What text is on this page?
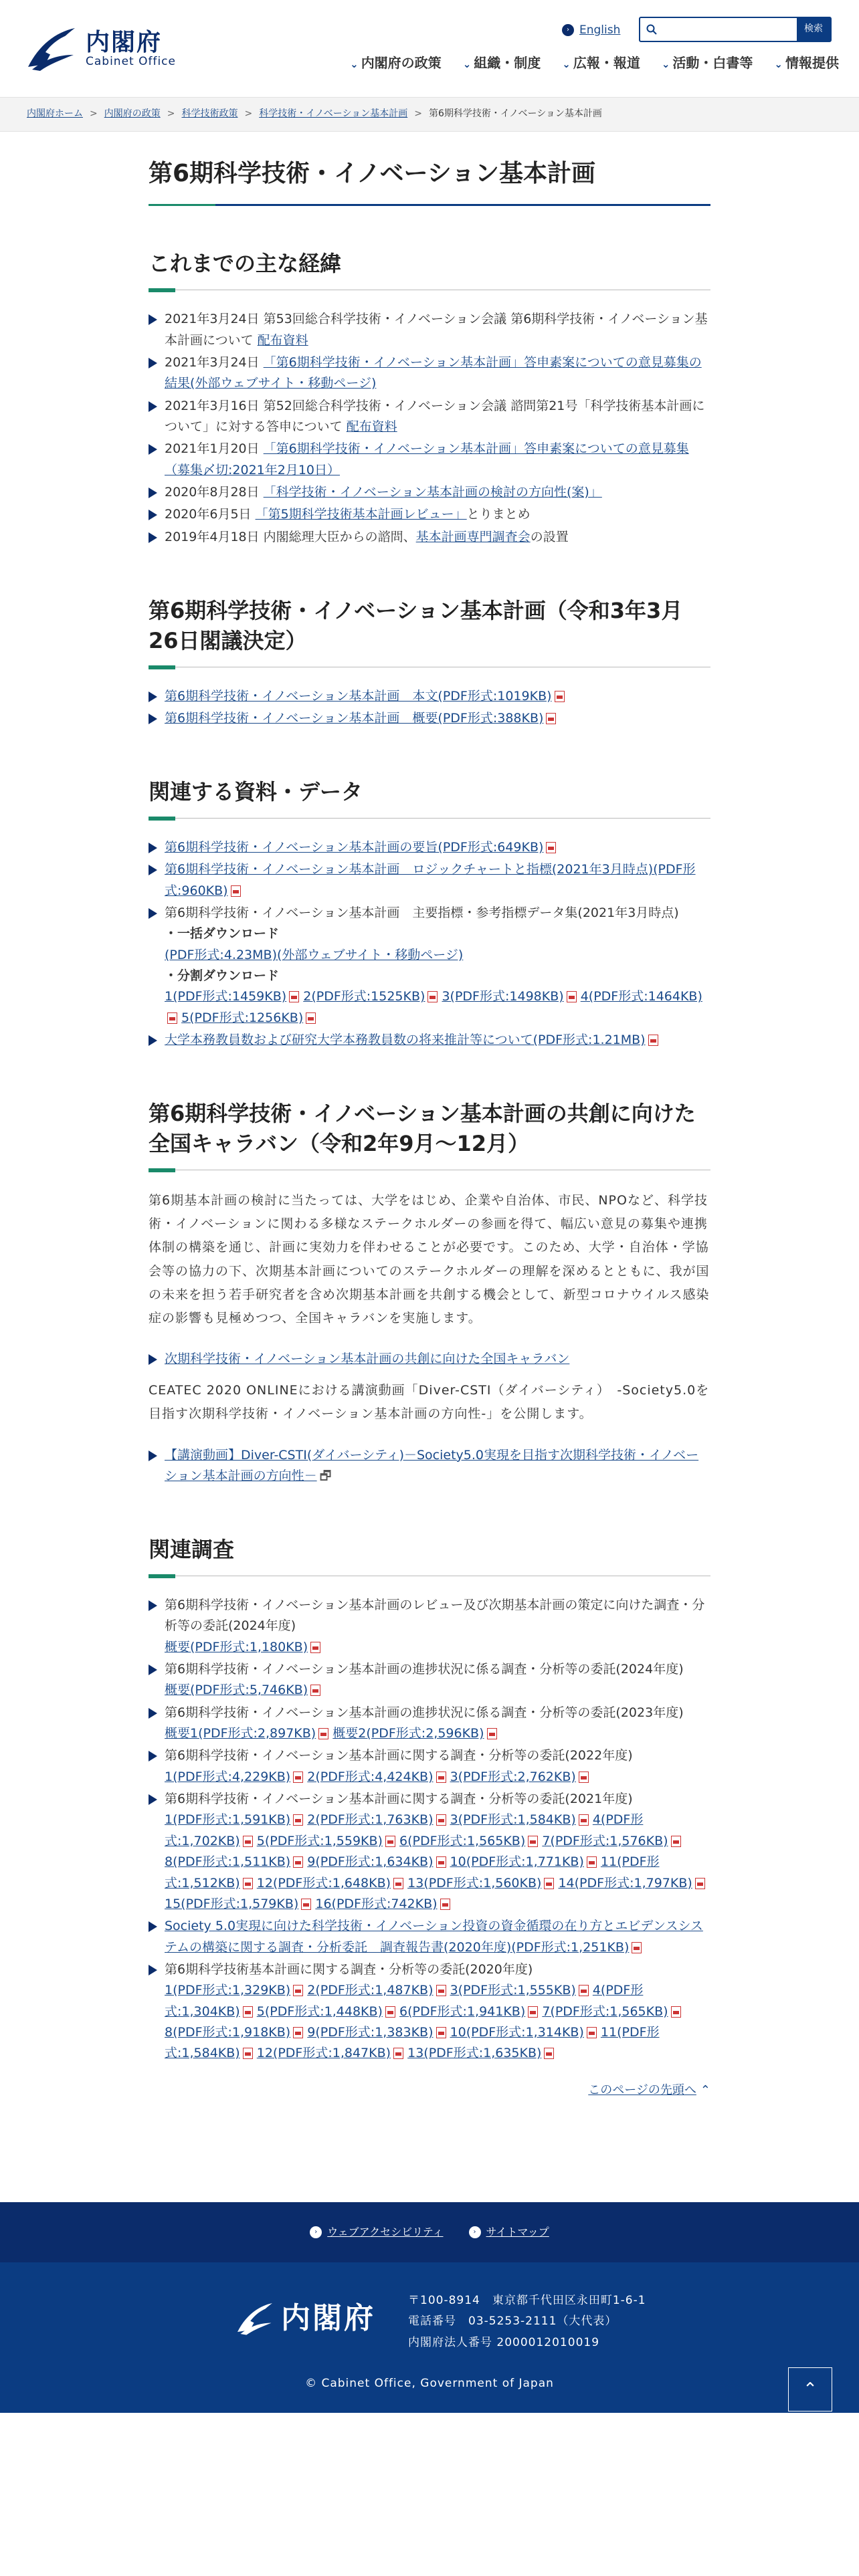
内閣府
Cabinet Office
› English	検索
⌄ 内閣府の政策 ⌄ 組織・制度 ⌄ 広報・報道 ⌄ 活動・白書等 ⌄ 情報提供
内閣府ホーム > 内閣府の政策 > 科学技術政策 > 科学技術・イノベーション基本計画 > 第6期科学技術・イノベーション基本計画
第6期科学技術・イノベーション基本計画
これまでの主な経緯
2021年3月24日 第53回総合科学技術・イノベーション会議 第6期科学技術・イノベーション基本計画について 配布資料
2021年3月24日 「第6期科学技術・イノベーション基本計画」答申素案についての意見募集の結果(外部ウェブサイト・移動ページ)
2021年3月16日 第52回総合科学技術・イノベーション会議 諮問第21号「科学技術基本計画について」に対する答申について 配布資料
2021年1月20日 「第6期科学技術・イノベーション基本計画」答申素案についての意見募集（募集〆切:2021年2月10日）
2020年8月28日 「科学技術・イノベーション基本計画の検討の方向性(案)」
2020年6月5日 「第5期科学技術基本計画レビュー」とりまとめ
2019年4月18日 内閣総理大臣からの諮問、基本計画専門調査会の設置
第6期科学技術・イノベーション基本計画（令和3年3月26日閣議決定）
第6期科学技術・イノベーション基本計画　本文(PDF形式:1019KB)
第6期科学技術・イノベーション基本計画　概要(PDF形式:388KB)
関連する資料・データ
第6期科学技術・イノベーション基本計画の要旨(PDF形式:649KB)
第6期科学技術・イノベーション基本計画　ロジックチャートと指標(2021年3月時点)(PDF形式:960KB)
第6期科学技術・イノベーション基本計画　主要指標・参考指標データ集(2021年3月時点)
・一括ダウンロード
(PDF形式:4.23MB)(外部ウェブサイト・移動ページ)
・分割ダウンロード
1(PDF形式:1459KB) 2(PDF形式:1525KB) 3(PDF形式:1498KB) 4(PDF形式:1464KB) 5(PDF形式:1256KB)
大学本務教員数および研究大学本務教員数の将来推計等について(PDF形式:1.21MB)
第6期科学技術・イノベーション基本計画の共創に向けた全国キャラバン（令和2年9月～12月）

第6期基本計画の検討に当たっては、大学をはじめ、企業や自治体、市民、NPOなど、科学技術・イノベーションに関わる多様なステークホルダーの参画を得て、幅広い意見の募集や連携体制の構築を通じ、計画に実効力を伴わせることが必要です。このため、大学・自治体・学協会等の協力の下、次期基本計画についてのステークホルダーの理解を深めるとともに、我が国の未来を担う若手研究者を含め次期基本計画を共創する機会として、新型コロナウイルス感染症の影響も見極めつつ、全国キャラバンを実施します。

次期科学技術・イノベーション基本計画の共創に向けた全国キャラバン

CEATEC 2020 ONLINEにおける講演動画「Diver-CSTI（ダイバーシティ）　-Society5.0を目指す次期科学技術・イノベーション基本計画の方向性-」を公開します。

【講演動画】Diver-CSTI(ダイバーシティ)－Society5.0実現を目指す次期科学技術・イノベーション基本計画の方向性－ 🗗
関連調査
第6期科学技術・イノベーション基本計画のレビュー及び次期基本計画の策定に向けた調査・分析等の委託(2024年度)
概要(PDF形式:1,180KB)
第6期科学技術・イノベーション基本計画の進捗状況に係る調査・分析等の委託(2024年度)
概要(PDF形式:5,746KB)
第6期科学技術・イノベーション基本計画の進捗状況に係る調査・分析等の委託(2023年度)
概要1(PDF形式:2,897KB) 概要2(PDF形式:2,596KB)
第6期科学技術・イノベーション基本計画に関する調査・分析等の委託(2022年度)
1(PDF形式:4,229KB) 2(PDF形式:4,424KB) 3(PDF形式:2,762KB)
第6期科学技術・イノベーション基本計画に関する調査・分析等の委託(2021年度)
1(PDF形式:1,591KB) 2(PDF形式:1,763KB) 3(PDF形式:1,584KB) 4(PDF形式:1,702KB) 5(PDF形式:1,559KB) 6(PDF形式:1,565KB) 7(PDF形式:1,576KB) 8(PDF形式:1,511KB) 9(PDF形式:1,634KB) 10(PDF形式:1,771KB) 11(PDF形式:1,512KB) 12(PDF形式:1,648KB) 13(PDF形式:1,560KB) 14(PDF形式:1,797KB) 15(PDF形式:1,579KB) 16(PDF形式:742KB)
Society 5.0実現に向けた科学技術・イノベーション投資の資金循環の在り方とエビデンスシステムの構築に関する調査・分析委託　調査報告書(2020年度)(PDF形式:1,251KB)
第6期科学技術基本計画に関する調査・分析等の委託(2020年度)
1(PDF形式:1,329KB) 2(PDF形式:1,487KB) 3(PDF形式:1,555KB) 4(PDF形式:1,304KB) 5(PDF形式:1,448KB) 6(PDF形式:1,941KB) 7(PDF形式:1,565KB) 8(PDF形式:1,918KB) 9(PDF形式:1,383KB) 10(PDF形式:1,314KB) 11(PDF形式:1,584KB) 12(PDF形式:1,847KB) 13(PDF形式:1,635KB)
このページの先頭へ ⌃
› ウェブアクセシビリティ	› サイトマップ
内閣府
〒100-8914　東京都千代田区永田町1-6-1
電話番号　03-5253-2111（大代表）
内閣府法人番号 2000012010019
© Cabinet Office, Government of Japan	⌃
